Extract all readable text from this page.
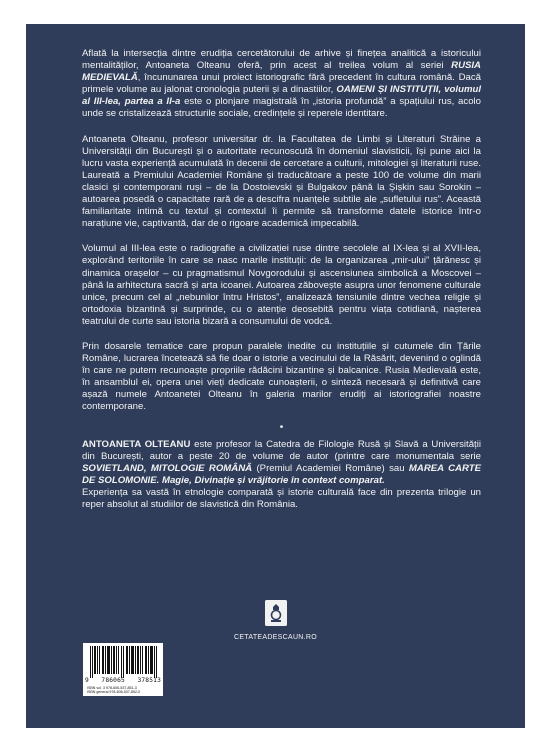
Aflată la intersecția dintre erudiția cercetătorului de arhive și finețea analitică a istoricului mentalităților, Antoaneta Olteanu oferă, prin acest al treilea volum al seriei RUSIA MEDIEVALĂ, încununarea unui proiect istoriografic fără precedent în cultura română. Dacă primele volume au jalonat cronologia puterii și a dinastiilor, OAMENI ȘI INSTITUȚII, volumul al III-lea, partea a II-a este o plonjare magistrală în „istoria profundă” a spațiului rus, acolo unde se cristalizează structurile sociale, credințele și reperele identitare.

Antoaneta Olteanu, profesor universitar dr. la Facultatea de Limbi și Literaturi Străine a Universității din București și o autoritate recunoscută în domeniul slavisticii, își pune aici la lucru vasta experiență acumulată în decenii de cercetare a culturii, mitologiei și literaturii ruse. Laureată a Premiului Academiei Române și traducătoare a peste 100 de volume din marii clasici și contemporani ruși – de la Dostoievski și Bulgakov până la Șișkin sau Sorokin – autoarea posedă o capacitate rară de a descifra nuanțele subtile ale „sufletului rus”. Această familiaritate intimă cu textul și contextul îi permite să transforme datele istorice într-o narațiune vie, captivantă, dar de o rigoare academică impecabilă.

Volumul al III-lea este o radiografie a civilizației ruse dintre secolele al IX-lea și al XVII-lea, explorând teritoriile în care se nasc marile instituții: de la organizarea „mir-ului” țărănesc și dinamica orașelor – cu pragmatismul Novgorodului și ascensiunea simbolică a Moscovei – până la arhitectura sacră și arta icoanei. Autoarea zăbovește asupra unor fenomene culturale unice, precum cel al „nebunilor întru Hristos”, analizează tensiunile dintre vechea religie și ortodoxia bizantină și surprinde, cu o atenție deosebită pentru viața cotidiană, nașterea teatrului de curte sau istoria bizară a consumului de vodcă.

Prin dosarele tematice care propun paralele inedite cu instituțiile și cutumele din Țările Române, lucrarea încetează să fie doar o istorie a vecinului de la Răsărit, devenind o oglindă în care ne putem recunoaște propriile rădăcini bizantine și balcanice. Rusia Medievală este, în ansamblul ei, opera unei vieți dedicate cunoașterii, o sinteză necesară și definitivă care așază numele Antoanetei Olteanu în galeria marilor erudiți ai istoriografiei noastre contemporane.

•

ANTOANETA OLTEANU este profesor la Catedra de Filologie Rusă și Slavă a Universității din București, autor a peste 20 de volume de autor (printre care monumentala serie SOVIETLAND, MITOLOGIE ROMÂNĂ (Premiul Academiei Române) sau MAREA CARTE DE SOLOMONIE. Magie, Divinație și vrăjitorie în context comparat.

Experiența sa vastă în etnologie comparată și istorie culturală face din prezenta trilogie un reper absolut al studiilor de slavistică din România.

CETATEADESCAUN.RO
9 786065 378513
ISBN vol. 3 978-606-537-851-3
ISBN general 978-606-537-852-0
